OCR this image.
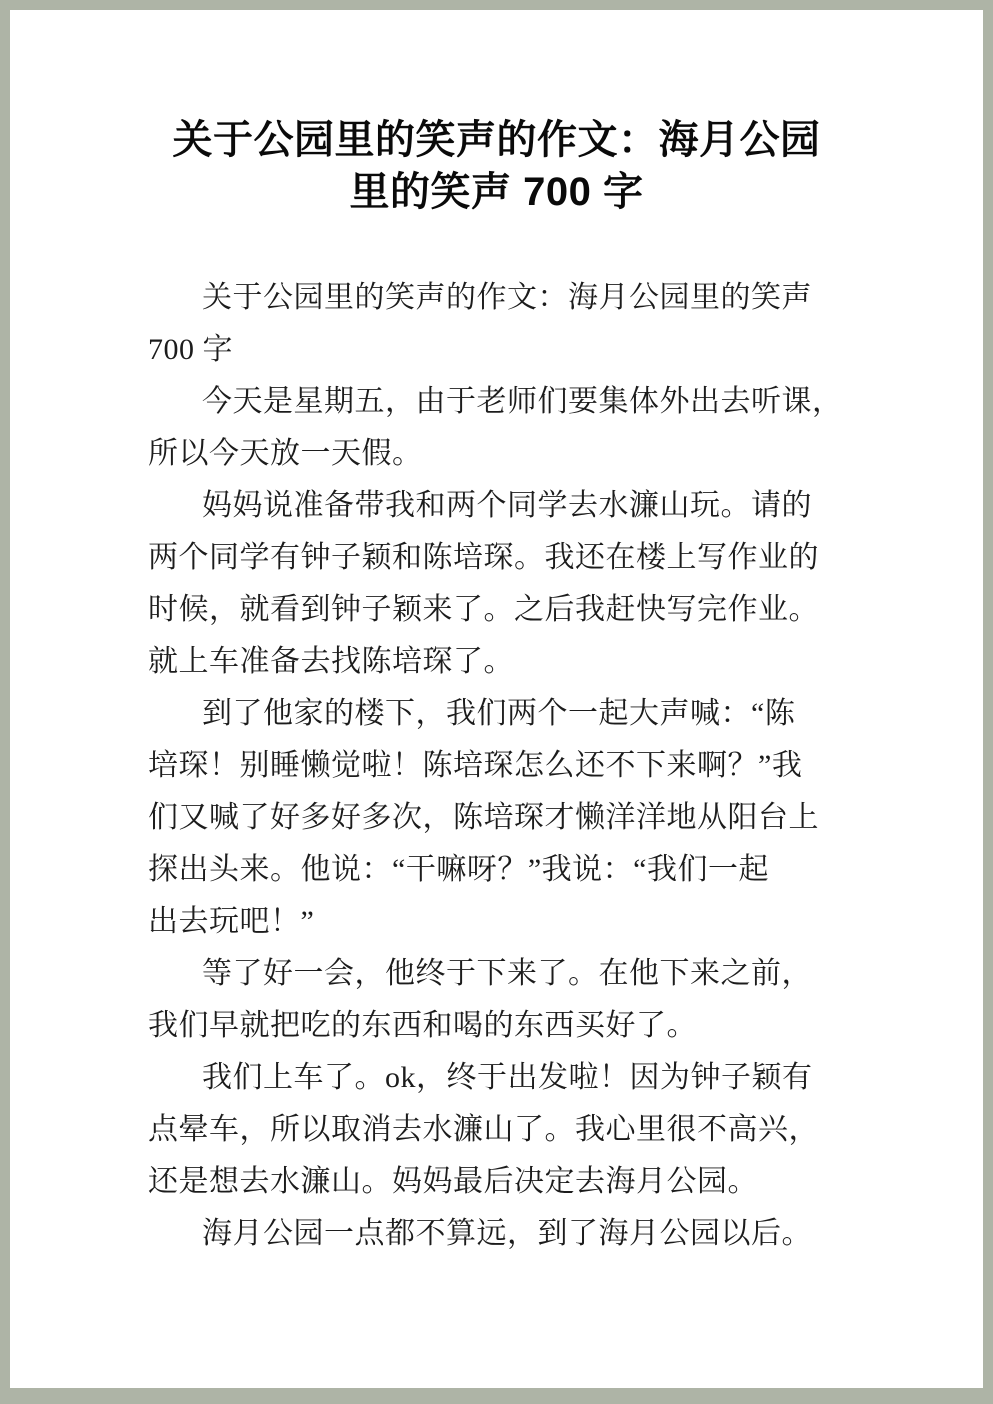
关于公园里的笑声的作文：海月公园
里的笑声 700 字

关于公园里的笑声的作文：海月公园里的笑声
700 字

今天是星期五，由于老师们要集体外出去听课，
所以今天放一天假。

妈妈说准备带我和两个同学去水濂山玩。请的
两个同学有钟子颖和陈培琛。我还在楼上写作业的
时候，就看到钟子颖来了。之后我赶快写完作业。
就上车准备去找陈培琛了。

到了他家的楼下，我们两个一起大声喊：“陈
培琛！别睡懒觉啦！陈培琛怎么还不下来啊？”我
们又喊了好多好多次，陈培琛才懒洋洋地从阳台上
探出头来。他说：“干嘛呀？”我说：“我们一起
出去玩吧！”

等了好一会，他终于下来了。在他下来之前，
我们早就把吃的东西和喝的东西买好了。

我们上车了。ok，终于出发啦！因为钟子颖有
点晕车，所以取消去水濂山了。我心里很不高兴，
还是想去水濂山。妈妈最后决定去海月公园。

海月公园一点都不算远，到了海月公园以后。
